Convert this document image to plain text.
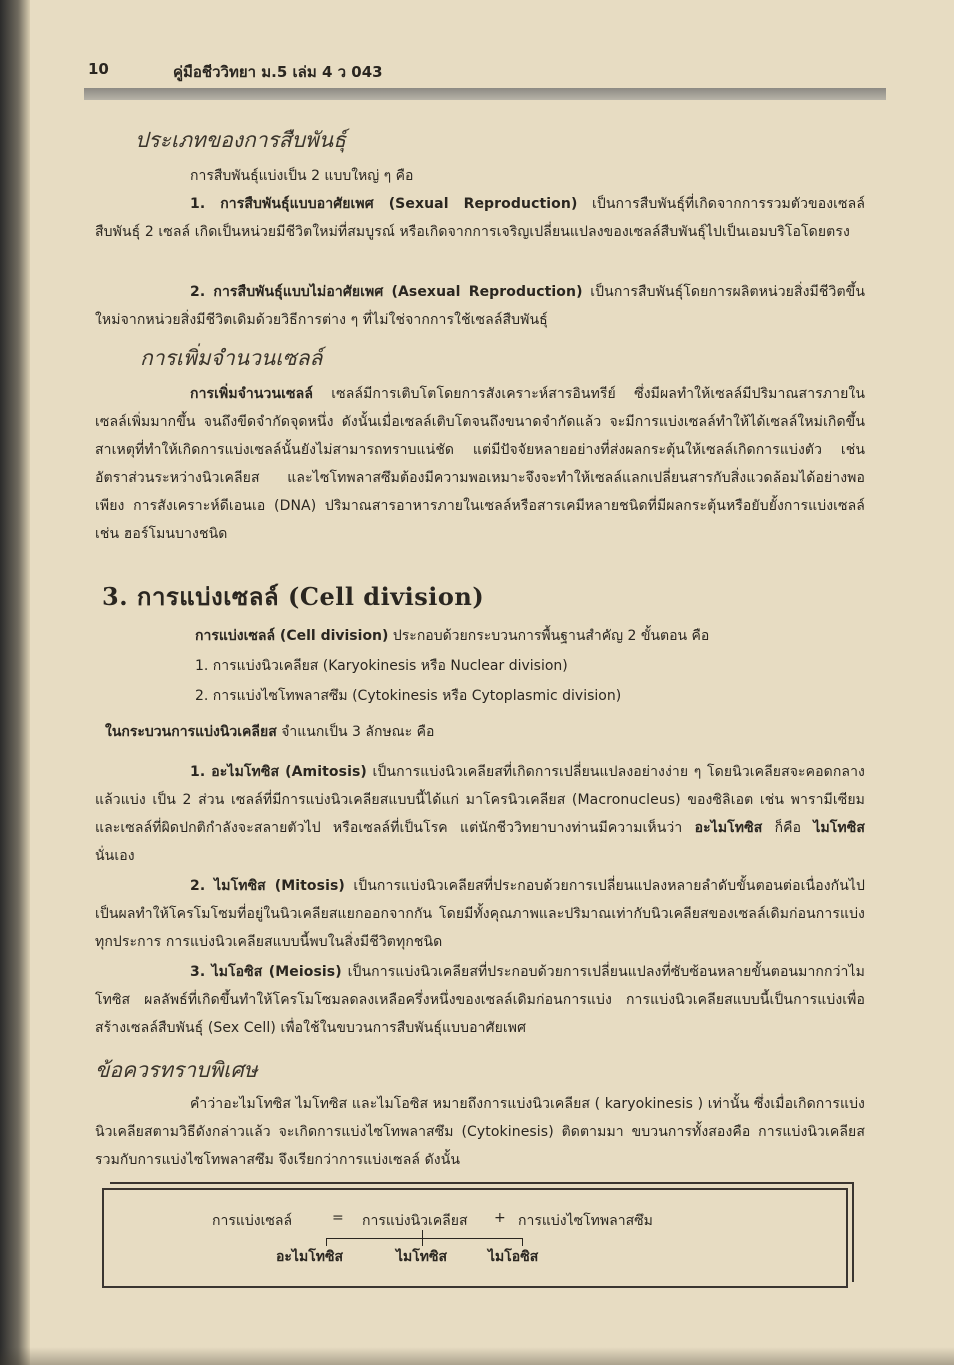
10	คู่มือชีววิทยา ม.5 เล่ม 4 ว 043
ประเภทของการสืบพันธุ์
การสืบพันธุ์แบ่งเป็น 2 แบบใหญ่ ๆ คือ

1. การสืบพันธุ์แบบอาศัยเพศ (Sexual Reproduction) เป็นการสืบพันธุ์ที่เกิดจากการรวมตัวของเซลล์สืบพันธุ์ 2 เซลล์ เกิดเป็นหน่วยมีชีวิตใหม่ที่สมบูรณ์ หรือเกิดจากการเจริญเปลี่ยนแปลงของเซลล์สืบพันธุ์ไปเป็นเอมบริโอโดยตรง

2. การสืบพันธุ์แบบไม่อาศัยเพศ (Asexual Reproduction) เป็นการสืบพันธุ์โดยการผลิตหน่วยสิ่งมีชีวิตขึ้นใหม่จากหน่วยสิ่งมีชีวิตเดิมด้วยวิธีการต่าง ๆ ที่ไม่ใช่จากการใช้เซลล์สืบพันธุ์

การเพิ่มจำนวนเซลล์

การเพิ่มจำนวนเซลล์ เซลล์มีการเติบโตโดยการสังเคราะห์สารอินทรีย์ ซึ่งมีผลทำให้เซลล์มีปริมาณสารภายในเซลล์เพิ่มมากขึ้น จนถึงขีดจำกัดจุดหนึ่ง ดังนั้นเมื่อเซลล์เติบโตจนถึงขนาดจำกัดแล้ว จะมีการแบ่งเซลล์ทำให้ได้เซลล์ใหม่เกิดขึ้น สาเหตุที่ทำให้เกิดการแบ่งเซลล์นั้นยังไม่สามารถทราบแน่ชัด แต่มีปัจจัยหลายอย่างที่ส่งผลกระตุ้นให้เซลล์เกิดการแบ่งตัว เช่น อัตราส่วนระหว่างนิวเคลียส และไซโทพลาสซึมต้องมีความพอเหมาะจึงจะทำให้เซลล์แลกเปลี่ยนสารกับสิ่งแวดล้อมได้อย่างพอเพียง การสังเคราะห์ดีเอนเอ (DNA) ปริมาณสารอาหารภายในเซลล์หรือสารเคมีหลายชนิดที่มีผลกระตุ้นหรือยับยั้งการแบ่งเซลล์ เช่น ฮอร์โมนบางชนิด

3. การแบ่งเซลล์ (Cell division)
การแบ่งเซลล์ (Cell division) ประกอบด้วยกระบวนการพื้นฐานสำคัญ 2 ขั้นตอน คือ
1. การแบ่งนิวเคลียส (Karyokinesis หรือ Nuclear division)
2. การแบ่งไซโทพลาสซึม (Cytokinesis หรือ Cytoplasmic division)
ในกระบวนการแบ่งนิวเคลียส จำแนกเป็น 3 ลักษณะ คือ

1. อะไมโทซิส (Amitosis) เป็นการแบ่งนิวเคลียสที่เกิดการเปลี่ยนแปลงอย่างง่าย ๆ โดยนิวเคลียสจะคอดกลางแล้วแบ่ง เป็น 2 ส่วน เซลล์ที่มีการแบ่งนิวเคลียสแบบนี้ได้แก่ มาโครนิวเคลียส (Macronucleus) ของซิลิเอต เช่น พารามีเซียม และเซลล์ที่ผิดปกติกำลังจะสลายตัวไป หรือเซลล์ที่เป็นโรค แต่นักชีววิทยาบางท่านมีความเห็นว่า อะไมโทซิส ก็คือ ไมโทซิส นั่นเอง

2. ไมโทซิส (Mitosis) เป็นการแบ่งนิวเคลียสที่ประกอบด้วยการเปลี่ยนแปลงหลายลำดับขั้นตอนต่อเนื่องกันไป เป็นผลทำให้โครโมโซมที่อยู่ในนิวเคลียสแยกออกจากกัน โดยมีทั้งคุณภาพและปริมาณเท่ากับนิวเคลียสของเซลล์เดิมก่อนการแบ่งทุกประการ การแบ่งนิวเคลียสแบบนี้พบในสิ่งมีชีวิตทุกชนิด

3. ไมโอซิส (Meiosis) เป็นการแบ่งนิวเคลียสที่ประกอบด้วยการเปลี่ยนแปลงที่ซับซ้อนหลายขั้นตอนมากกว่าไมโทซิส ผลลัพธ์ที่เกิดขึ้นทำให้โครโมโซมลดลงเหลือครึ่งหนึ่งของเซลล์เดิมก่อนการแบ่ง การแบ่งนิวเคลียสแบบนี้เป็นการแบ่งเพื่อสร้างเซลล์สืบพันธุ์ (Sex Cell) เพื่อใช้ในขบวนการสืบพันธุ์แบบอาศัยเพศ

ข้อควรทราบพิเศษ

คำว่าอะไมโทซิส ไมโทซิส และไมโอซิส หมายถึงการแบ่งนิวเคลียส ( karyokinesis ) เท่านั้น ซึ่งเมื่อเกิดการแบ่งนิวเคลียสตามวิธีดังกล่าวแล้ว จะเกิดการแบ่งไซโทพลาสซึม (Cytokinesis) ติดตามมา ขบวนการทั้งสองคือ การแบ่งนิวเคลียสรวมกับการแบ่งไซโทพลาสซึม จึงเรียกว่าการแบ่งเซลล์ ดังนั้น

การแบ่งเซลล์	= การแบ่งนิวเคลียส + การแบ่งไซโทพลาสซึม
อะไมโทซิส	ไมโทซิส	ไมโอซิส
